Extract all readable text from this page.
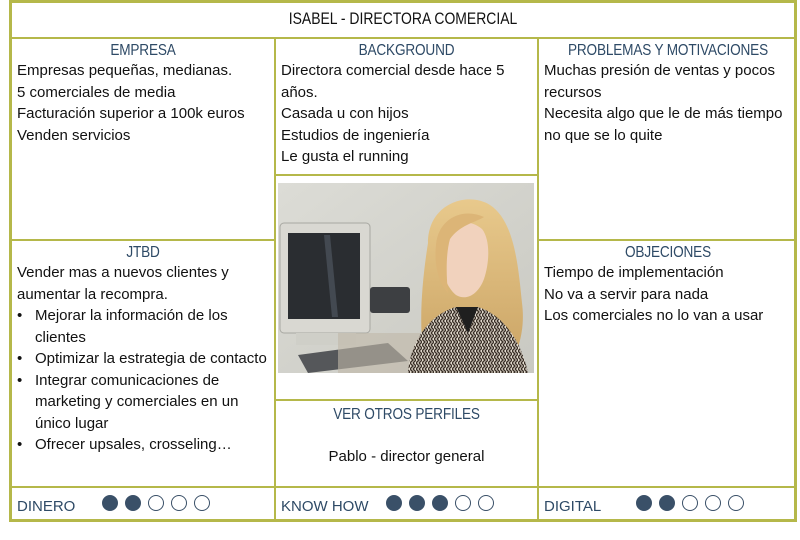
ISABEL - DIRECTORA COMERCIAL
EMPRESA
Empresas pequeñas, medianas.
5 comerciales de media
Facturación superior a 100k euros
Venden servicios
BACKGROUND
Directora comercial desde hace 5
años.
Casada u con hijos
Estudios de ingeniería
Le gusta el running
PROBLEMAS Y MOTIVACIONES
Muchas presión de ventas y pocos
recursos
Necesita algo que le de más tiempo
no que se lo quite
JTBD
Vender mas a nuevos clientes y
aumentar la recompra.
• Mejorar la información de los
clientes
• Optimizar la estrategia de contacto
• Integrar comunicaciones de
marketing y comerciales en un
único lugar
• Ofrecer upsales, crosseling…
VER OTROS PERFILES
Pablo - director general
OBJECIONES
Tiempo de implementación
No va a servir para nada
Los comerciales no lo van a usar
DINERO	KNOW HOW	DIGITAL
